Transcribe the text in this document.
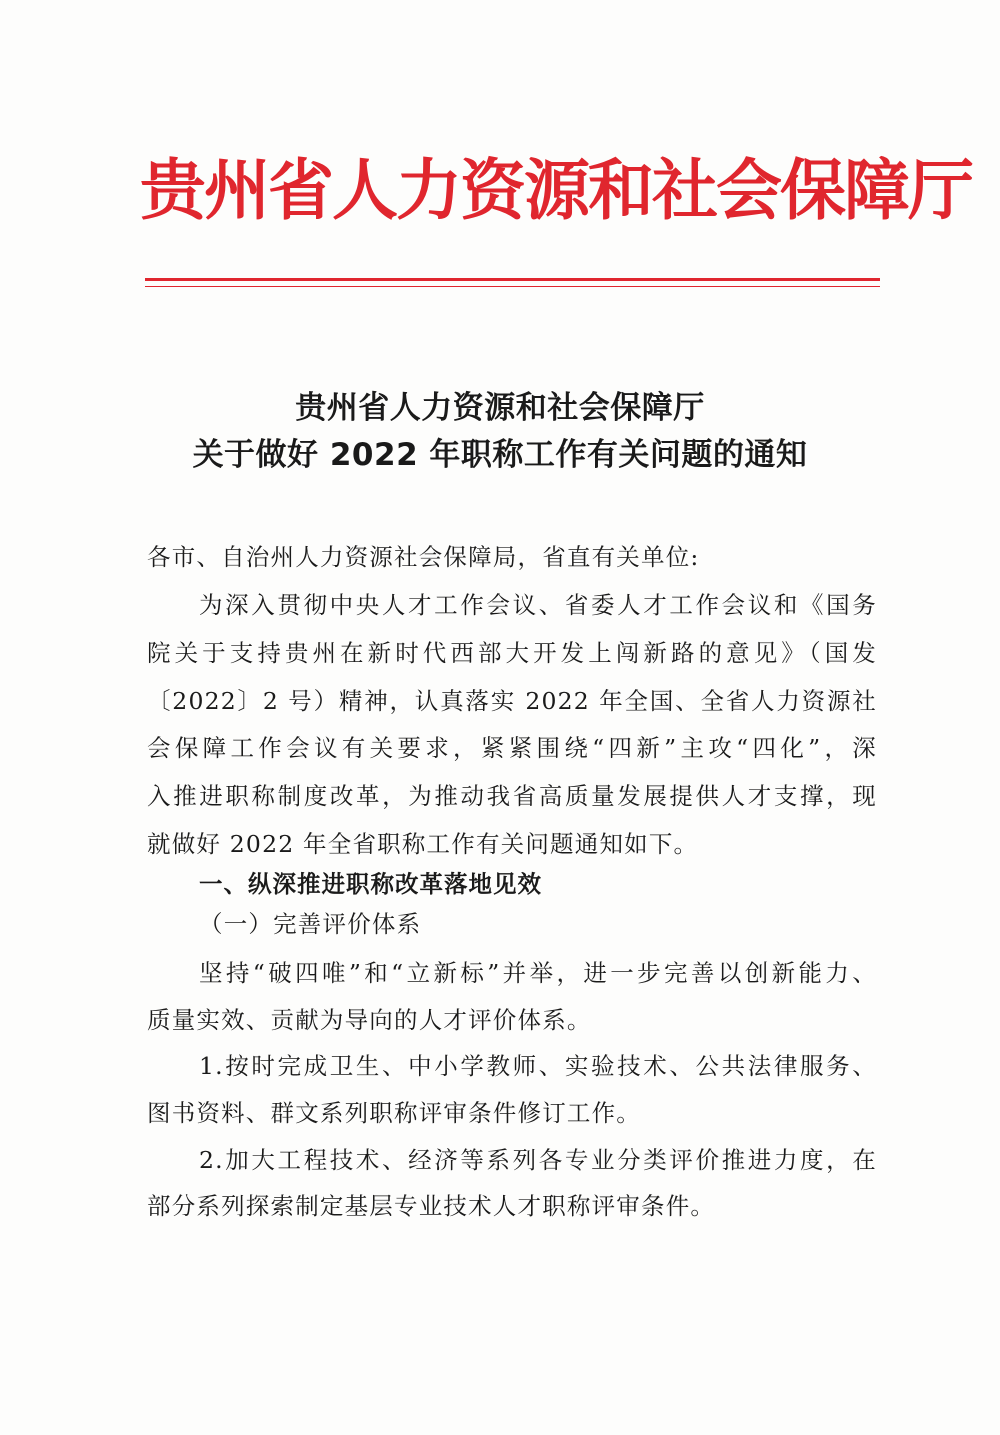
贵州省人力资源和社会保障厅
贵州省人力资源和社会保障厅
关于做好 2022 年职称工作有关问题的通知
各市、自治州人力资源社会保障局，省直有关单位:
为深入贯彻中央人才工作会议、省委人才工作会议和《国务
院关于支持贵州在新时代西部大开发上闯新路的意见》（国发
〔2022〕2 号）精神，认真落实 2022 年全国、全省人力资源社
会保障工作会议有关要求，紧紧围绕“四新”主攻“四化”，深
入推进职称制度改革，为推动我省高质量发展提供人才支撑，现
就做好 2022 年全省职称工作有关问题通知如下。
一、纵深推进职称改革落地见效
（一）完善评价体系
坚持“破四唯”和“立新标”并举，进一步完善以创新能力、
质量实效、贡献为导向的人才评价体系。
1.按时完成卫生、中小学教师、实验技术、公共法律服务、
图书资料、群文系列职称评审条件修订工作。
2.加大工程技术、经济等系列各专业分类评价推进力度，在
部分系列探索制定基层专业技术人才职称评审条件。
